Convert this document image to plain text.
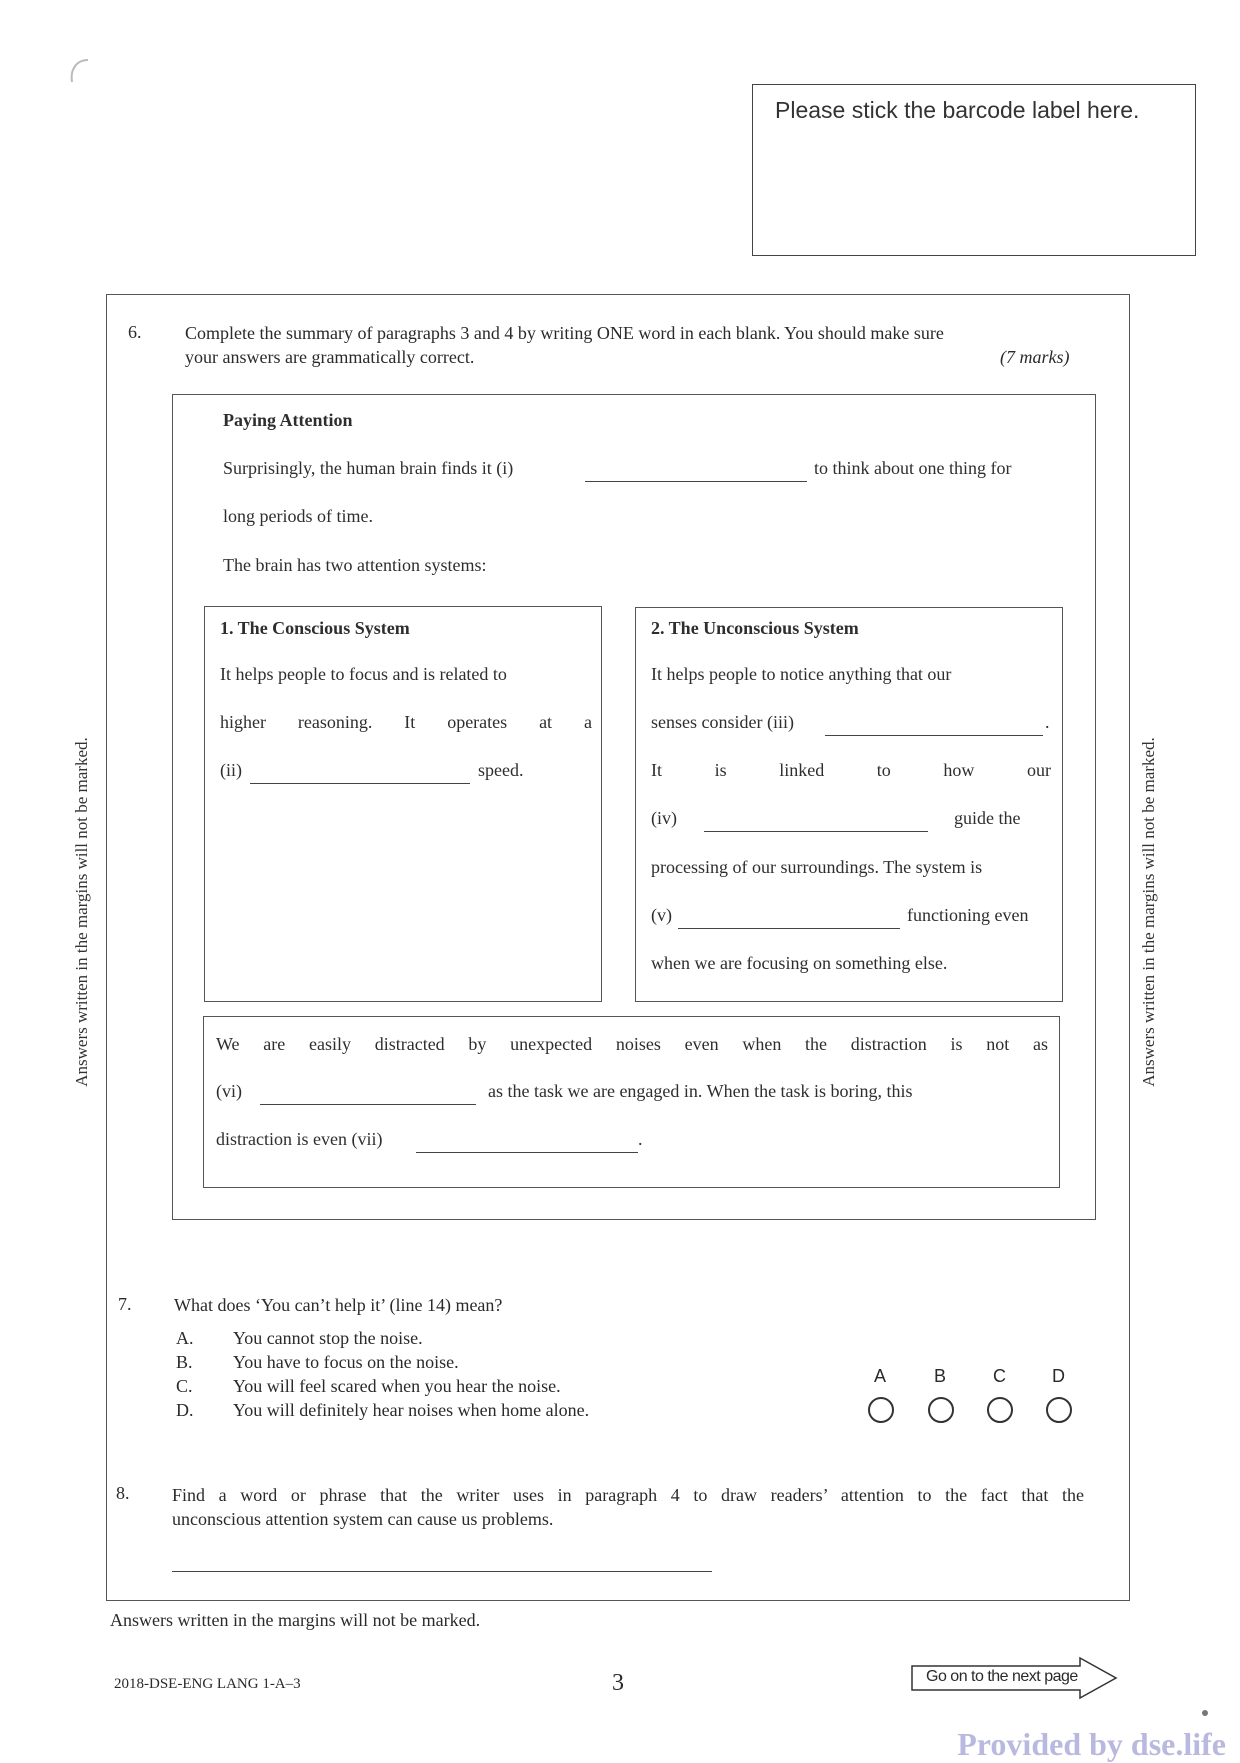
Please stick the barcode label here.
Answers written in the margins will not be marked.	Answers written in the margins will not be marked.
6. Complete the summary of paragraphs 3 and 4 by writing ONE word in each blank. You should make sure
your answers are grammatically correct.	(7 marks)
Paying Attention
Surprisingly, the human brain finds it (i)	to think about one thing for
long periods of time.
The brain has two attention systems:
1. The Conscious System
It helps people to focus and is related to
higher reasoning. It operates at a
(ii)	speed.
2. The Unconscious System
It helps people to notice anything that our
senses consider (iii)	.
It	is	linked	to	how	our
(iv)	guide the
processing of our surroundings. The system is
(v)	functioning even
when we are focusing on something else.
We are easily distracted by unexpected noises even when the distraction is not as
(vi)	as the task we are engaged in. When the task is boring, this
distraction is even (vii)	.
7. What does ‘You can’t help it’ (line 14) mean?
A. You cannot stop the noise.
B. You have to focus on the noise.
C. You will feel scared when you hear the noise.
D. You will definitely hear noises when home alone.
A	B	C	D
8. Find a word or phrase that the writer uses in paragraph 4 to draw readers’ attention to the fact that the
unconscious attention system can cause us problems.
Answers written in the margins will not be marked.
2018-DSE-ENG LANG 1-A–3	3	Go on to the next page
Provided by dse.life
